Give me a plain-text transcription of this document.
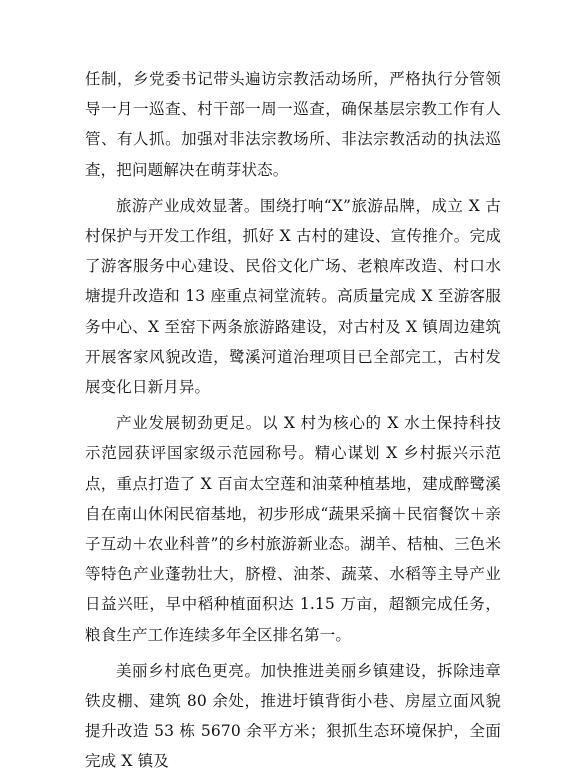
任制，乡党委书记带头遍访宗教活动场所，严格执行分管领导一月一巡查、村干部一周一巡查，确保基层宗教工作有人管、有人抓。加强对非法宗教场所、非法宗教活动的执法巡查，把问题解决在萌芽状态。

旅游产业成效显著。围绕打响“X”旅游品牌，成立 X 古村保护与开发工作组，抓好 X 古村的建设、宣传推介。完成了游客服务中心建设、民俗文化广场、老粮库改造、村口水塘提升改造和 13 座重点祠堂流转。高质量完成 X 至游客服务中心、X 至窑下两条旅游路建设，对古村及 X 镇周边建筑开展客家风貌改造，鹭溪河道治理项目已全部完工，古村发展变化日新月异。

产业发展韧劲更足。以 X 村为核心的 X 水土保持科技示范园获评国家级示范园称号。精心谋划 X 乡村振兴示范点，重点打造了 X 百亩太空莲和油菜种植基地，建成醉鹭溪自在南山休闲民宿基地，初步形成“蔬果采摘＋民宿餐饮＋亲子互动＋农业科普”的乡村旅游新业态。湖羊、桔柚、三色米等特色产业蓬勃壮大，脐橙、油茶、蔬菜、水稻等主导产业日益兴旺，早中稻种植面积达 1.15 万亩，超额完成任务，粮食生产工作连续多年全区排名第一。

美丽乡村底色更亮。加快推进美丽乡镇建设，拆除违章铁皮棚、建筑 80 余处，推进圩镇背街小巷、房屋立面风貌提升改造 53 栋 5670 余平方米；狠抓生态环境保护，全面完成 X 镇及
